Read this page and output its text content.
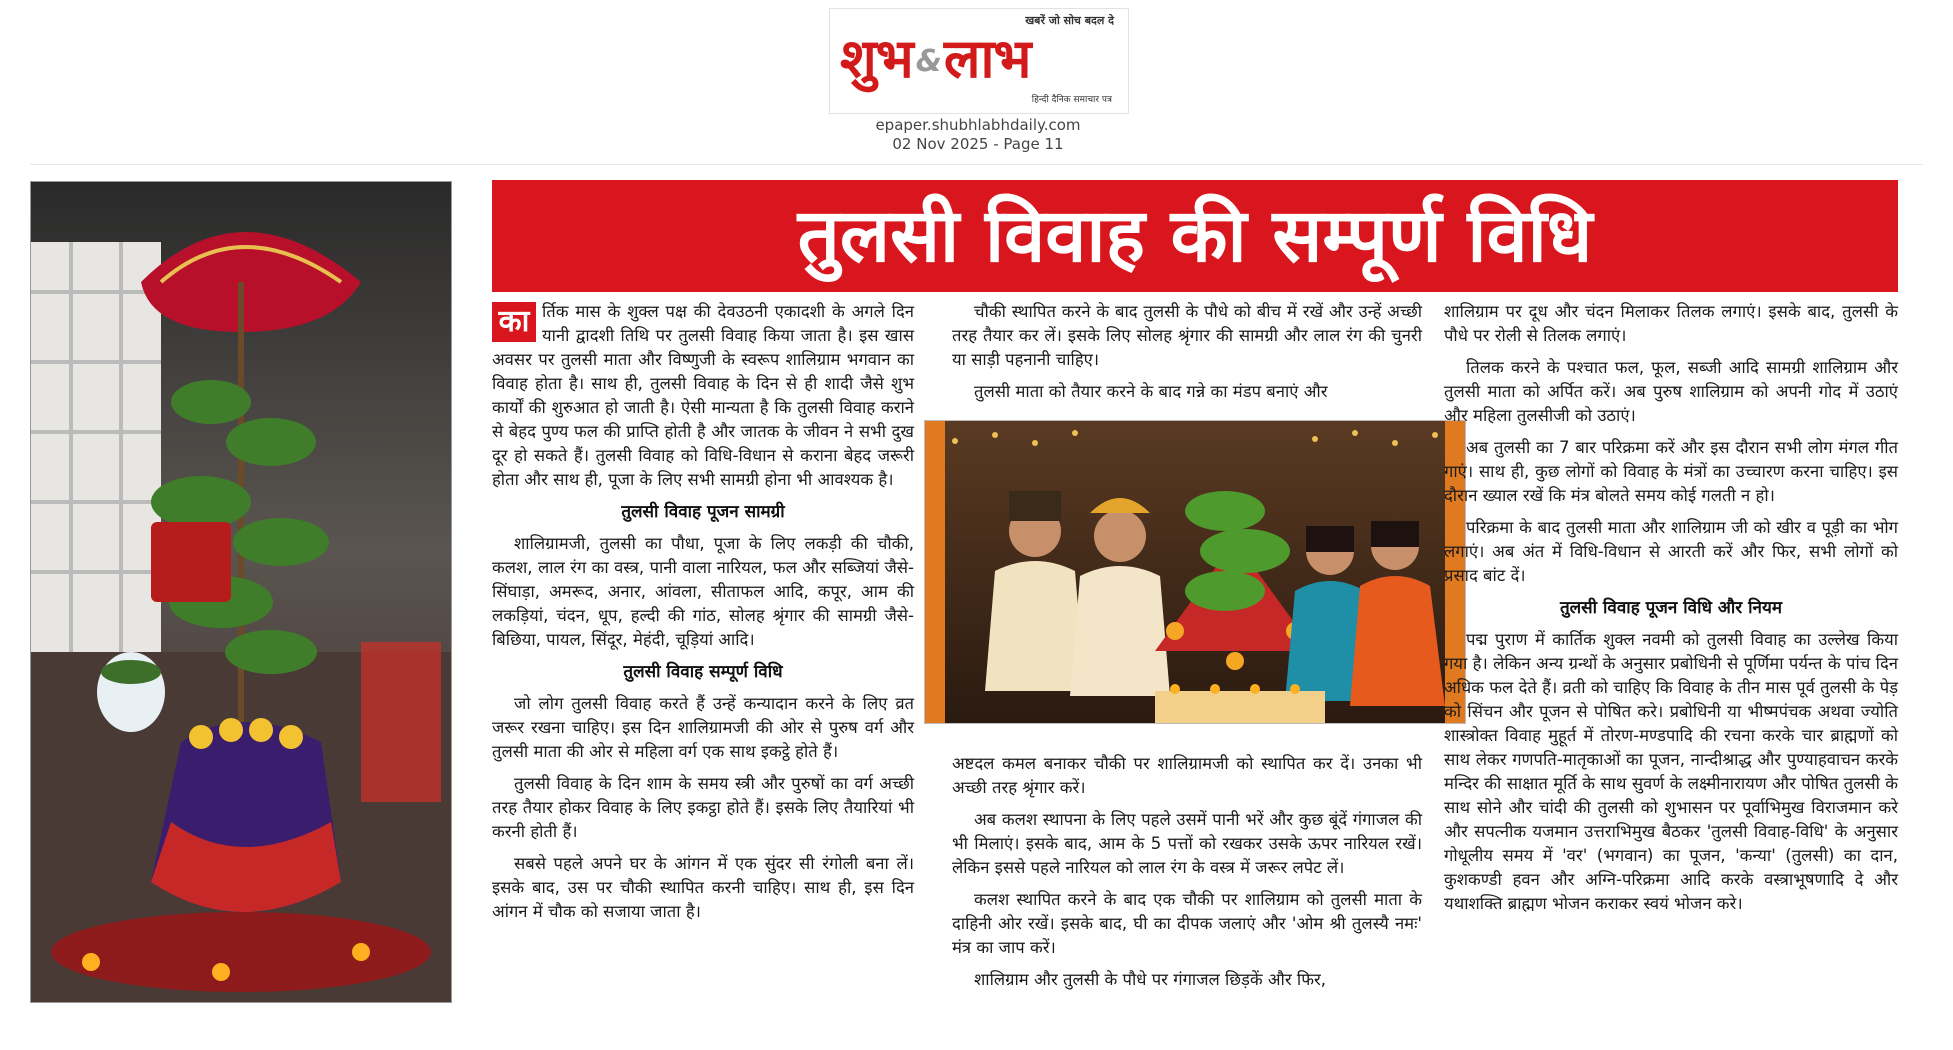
खबरें जो सोच बदल दे
शुभ &लाभ
हिन्दी दैनिक समाचार पत्र
epaper.shubhlabhdaily.com
02 Nov 2025 - Page 11
तुलसी विवाह की सम्पूर्ण विधि

का र्तिक मास के शुक्ल पक्ष की देवउठनी एकादशी के अगले दिन यानी द्वादशी तिथि पर तुलसी विवाह किया जाता है। इस खास अवसर पर तुलसी माता और विष्णुजी के स्वरूप शालिग्राम भगवान का विवाह होता है। साथ ही, तुलसी विवाह के दिन से ही शादी जैसे शुभ कार्यों की शुरुआत हो जाती है। ऐसी मान्यता है कि तुलसी विवाह कराने से बेहद पुण्य फल की प्राप्ति होती है और जातक के जीवन ने सभी दुख दूर हो सकते हैं। तुलसी विवाह को विधि-विधान से कराना बेहद जरूरी होता और साथ ही, पूजा के लिए सभी सामग्री होना भी आवश्यक है।

तुलसी विवाह पूजन सामग्री

शालिग्रामजी, तुलसी का पौधा, पूजा के लिए लकड़ी की चौकी, कलश, लाल रंग का वस्त्र, पानी वाला नारियल, फल और सब्जियां जैसे- सिंघाड़ा, अमरूद, अनार, आंवला, सीताफल आदि, कपूर, आम की लकड़ियां, चंदन, धूप, हल्दी की गांठ, सोलह श्रृंगार की सामग्री जैसे- बिछिया, पायल, सिंदूर, मेहंदी, चूड़ियां आदि।

तुलसी विवाह सम्पूर्ण विधि

जो लोग तुलसी विवाह करते हैं उन्हें कन्यादान करने के लिए व्रत जरूर रखना चाहिए। इस दिन शालिग्रामजी की ओर से पुरुष वर्ग और तुलसी माता की ओर से महिला वर्ग एक साथ इकट्ठे होते हैं।

तुलसी विवाह के दिन शाम के समय स्त्री और पुरुषों का वर्ग अच्छी तरह तैयार होकर विवाह के लिए इकट्ठा होते हैं। इसके लिए तैयारियां भी करनी होती हैं।

सबसे पहले अपने घर के आंगन में एक सुंदर सी रंगोली बना लें। इसके बाद, उस पर चौकी स्थापित करनी चाहिए। साथ ही, इस दिन आंगन में चौक को सजाया जाता है।

चौकी स्थापित करने के बाद तुलसी के पौधे को बीच में रखें और उन्हें अच्छी तरह तैयार कर लें। इसके लिए सोलह श्रृंगार की सामग्री और लाल रंग की चुनरी या साड़ी पहनानी चाहिए।

तुलसी माता को तैयार करने के बाद गन्ने का मंडप बनाएं और

अष्टदल कमल बनाकर चौकी पर शालिग्रामजी को स्थापित कर दें। उनका भी अच्छी तरह श्रृंगार करें।

अब कलश स्थापना के लिए पहले उसमें पानी भरें और कुछ बूंदें गंगाजल की भी मिलाएं। इसके बाद, आम के 5 पत्तों को रखकर उसके ऊपर नारियल रखें। लेकिन इससे पहले नारियल को लाल रंग के वस्त्र में जरूर लपेट लें।

कलश स्थापित करने के बाद एक चौकी पर शालिग्राम को तुलसी माता के दाहिनी ओर रखें। इसके बाद, घी का दीपक जलाएं और 'ओम श्री तुलस्यै नमः' मंत्र का जाप करें।

शालिग्राम और तुलसी के पौधे पर गंगाजल छिड़कें और फिर,

शालिग्राम पर दूध और चंदन मिलाकर तिलक लगाएं। इसके बाद, तुलसी के पौधे पर रोली से तिलक लगाएं।

तिलक करने के पश्चात फल, फूल, सब्जी आदि सामग्री शालिग्राम और तुलसी माता को अर्पित करें। अब पुरुष शालिग्राम को अपनी गोद में उठाएं और महिला तुलसीजी को उठाएं।

अब तुलसी का 7 बार परिक्रमा करें और इस दौरान सभी लोग मंगल गीत गाएं। साथ ही, कुछ लोगों को विवाह के मंत्रों का उच्चारण करना चाहिए। इस दौरान ख्याल रखें कि मंत्र बोलते समय कोई गलती न हो।

परिक्रमा के बाद तुलसी माता और शालिग्राम जी को खीर व पूड़ी का भोग लगाएं। अब अंत में विधि-विधान से आरती करें और फिर, सभी लोगों को प्रसाद बांट दें।

तुलसी विवाह पूजन विधि और नियम

पद्म पुराण में कार्तिक शुक्ल नवमी को तुलसी विवाह का उल्लेख किया गया है। लेकिन अन्य ग्रन्थों के अनुसार प्रबोधिनी से पूर्णिमा पर्यन्त के पांच दिन अधिक फल देते हैं। व्रती को चाहिए कि विवाह के तीन मास पूर्व तुलसी के पेड़ को सिंचन और पूजन से पोषित करे। प्रबोधिनी या भीष्मपंचक अथवा ज्योति शास्त्रोक्त विवाह मुहूर्त में तोरण-मण्डपादि की रचना करके चार ब्राह्मणों को साथ लेकर गणपति-मातृकाओं का पूजन, नान्दीश्राद्ध और पुण्याहवाचन करके मन्दिर की साक्षात मूर्ति के साथ सुवर्ण के लक्ष्मीनारायण और पोषित तुलसी के साथ सोने और चांदी की तुलसी को शुभासन पर पूर्वाभिमुख विराजमान करे और सपत्नीक यजमान उत्तराभिमुख बैठकर 'तुलसी विवाह-विधि' के अनुसार गोधूलीय समय में 'वर' (भगवान) का पूजन, 'कन्या' (तुलसी) का दान, कुशकण्डी हवन और अग्नि-परिक्रमा आदि करके वस्त्राभूषणादि दे और यथाशक्ति ब्राह्मण भोजन कराकर स्वयं भोजन करे।
